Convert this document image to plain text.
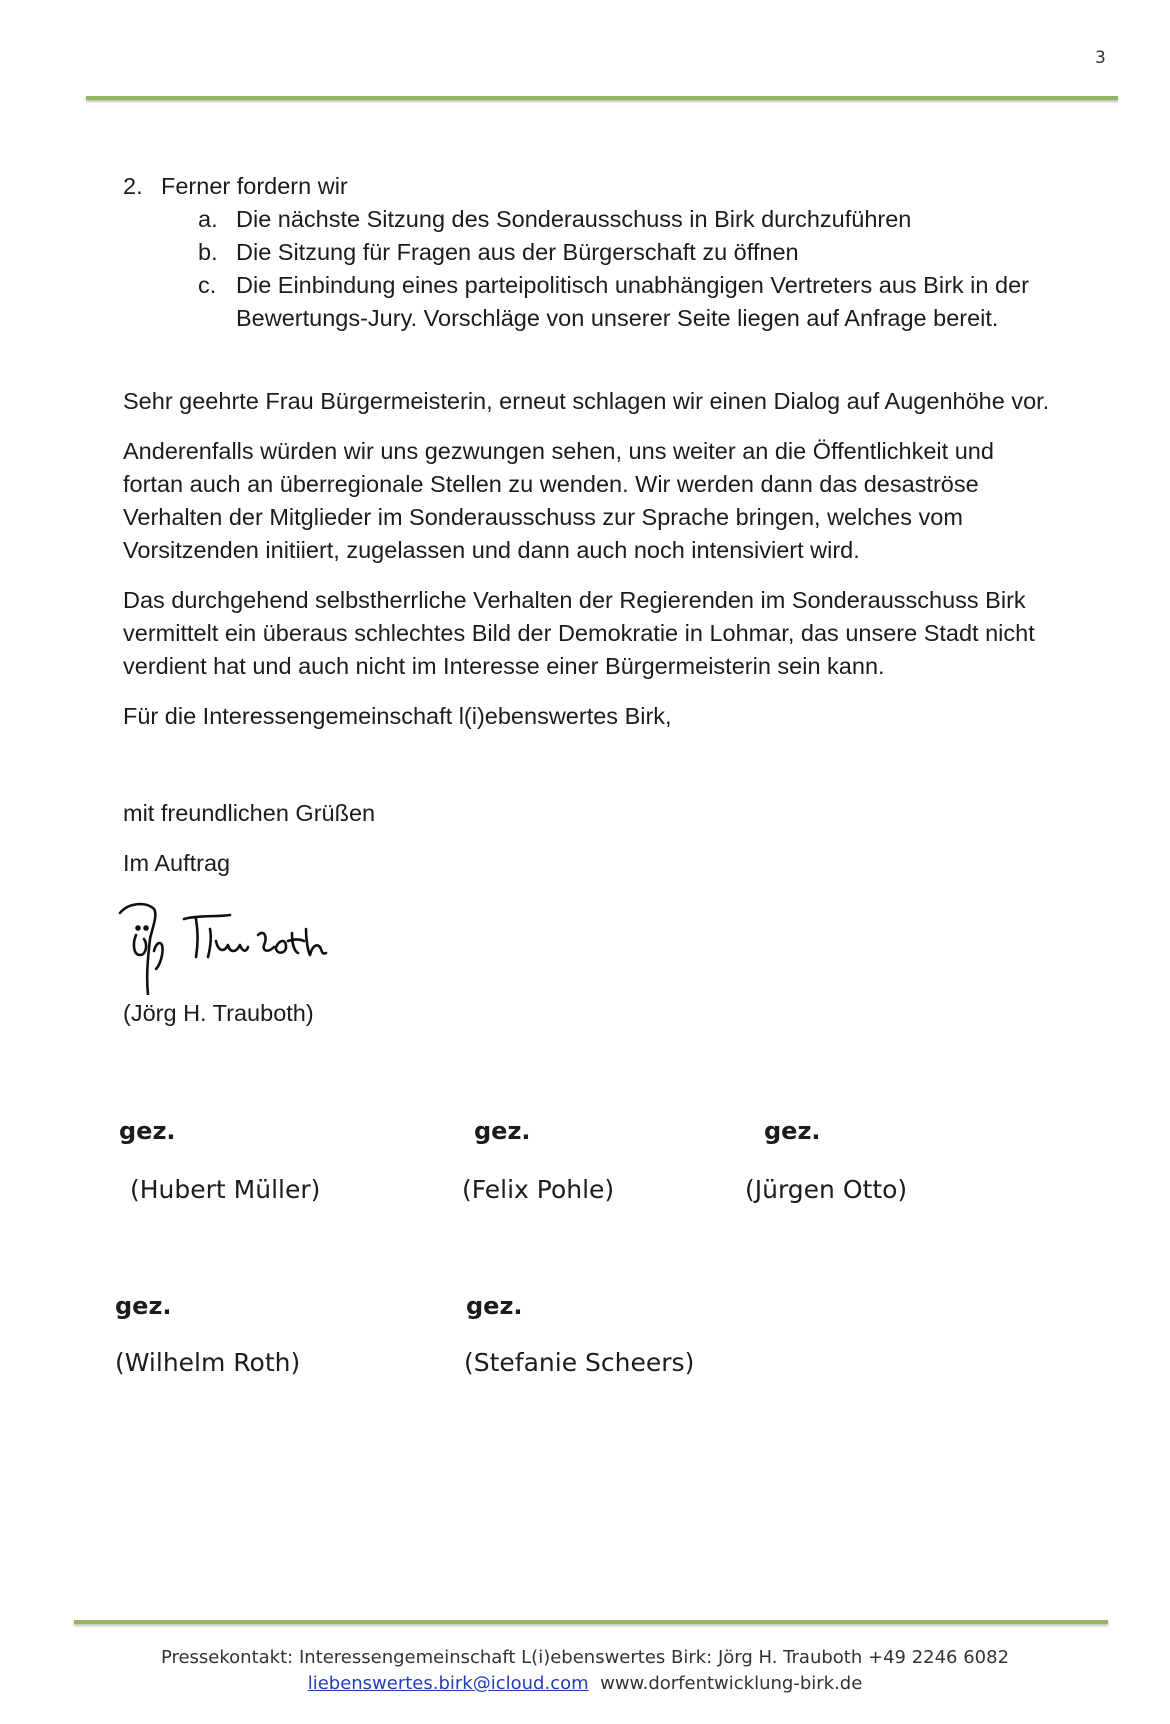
3
2. Ferner fordern wir
a. Die nächste Sitzung des Sonderausschuss in Birk durchzuführen
b. Die Sitzung für Fragen aus der Bürgerschaft zu öffnen
c. Die Einbindung eines parteipolitisch unabhängigen Vertreters aus Birk in der
Bewertungs-Jury. Vorschläge von unserer Seite liegen auf Anfrage bereit.
Sehr geehrte Frau Bürgermeisterin, erneut schlagen wir einen Dialog auf Augenhöhe vor.
Anderenfalls würden wir uns gezwungen sehen, uns weiter an die Öffentlichkeit und
fortan auch an überregionale Stellen zu wenden. Wir werden dann das desaströse
Verhalten der Mitglieder im Sonderausschuss zur Sprache bringen, welches vom
Vorsitzenden initiiert, zugelassen und dann auch noch intensiviert wird.
Das durchgehend selbstherrliche Verhalten der Regierenden im Sonderausschuss Birk
vermittelt ein überaus schlechtes Bild der Demokratie in Lohmar, das unsere Stadt nicht
verdient hat und auch nicht im Interesse einer Bürgermeisterin sein kann.
Für die Interessengemeinschaft l(i)ebenswertes Birk,
mit freundlichen Grüßen
Im Auftrag
(Jörg H. Trauboth)
gez.
(Hubert Müller)
gez.
(Felix Pohle)
gez.
(Jürgen Otto)
gez.
(Wilhelm Roth)
gez.
(Stefanie Scheers)
Pressekontakt: Interessengemeinschaft L(i)ebenswertes Birk: Jörg H. Trauboth +49 2246 6082
liebenswertes.birk@icloud.com www.dorfentwicklung-birk.de
